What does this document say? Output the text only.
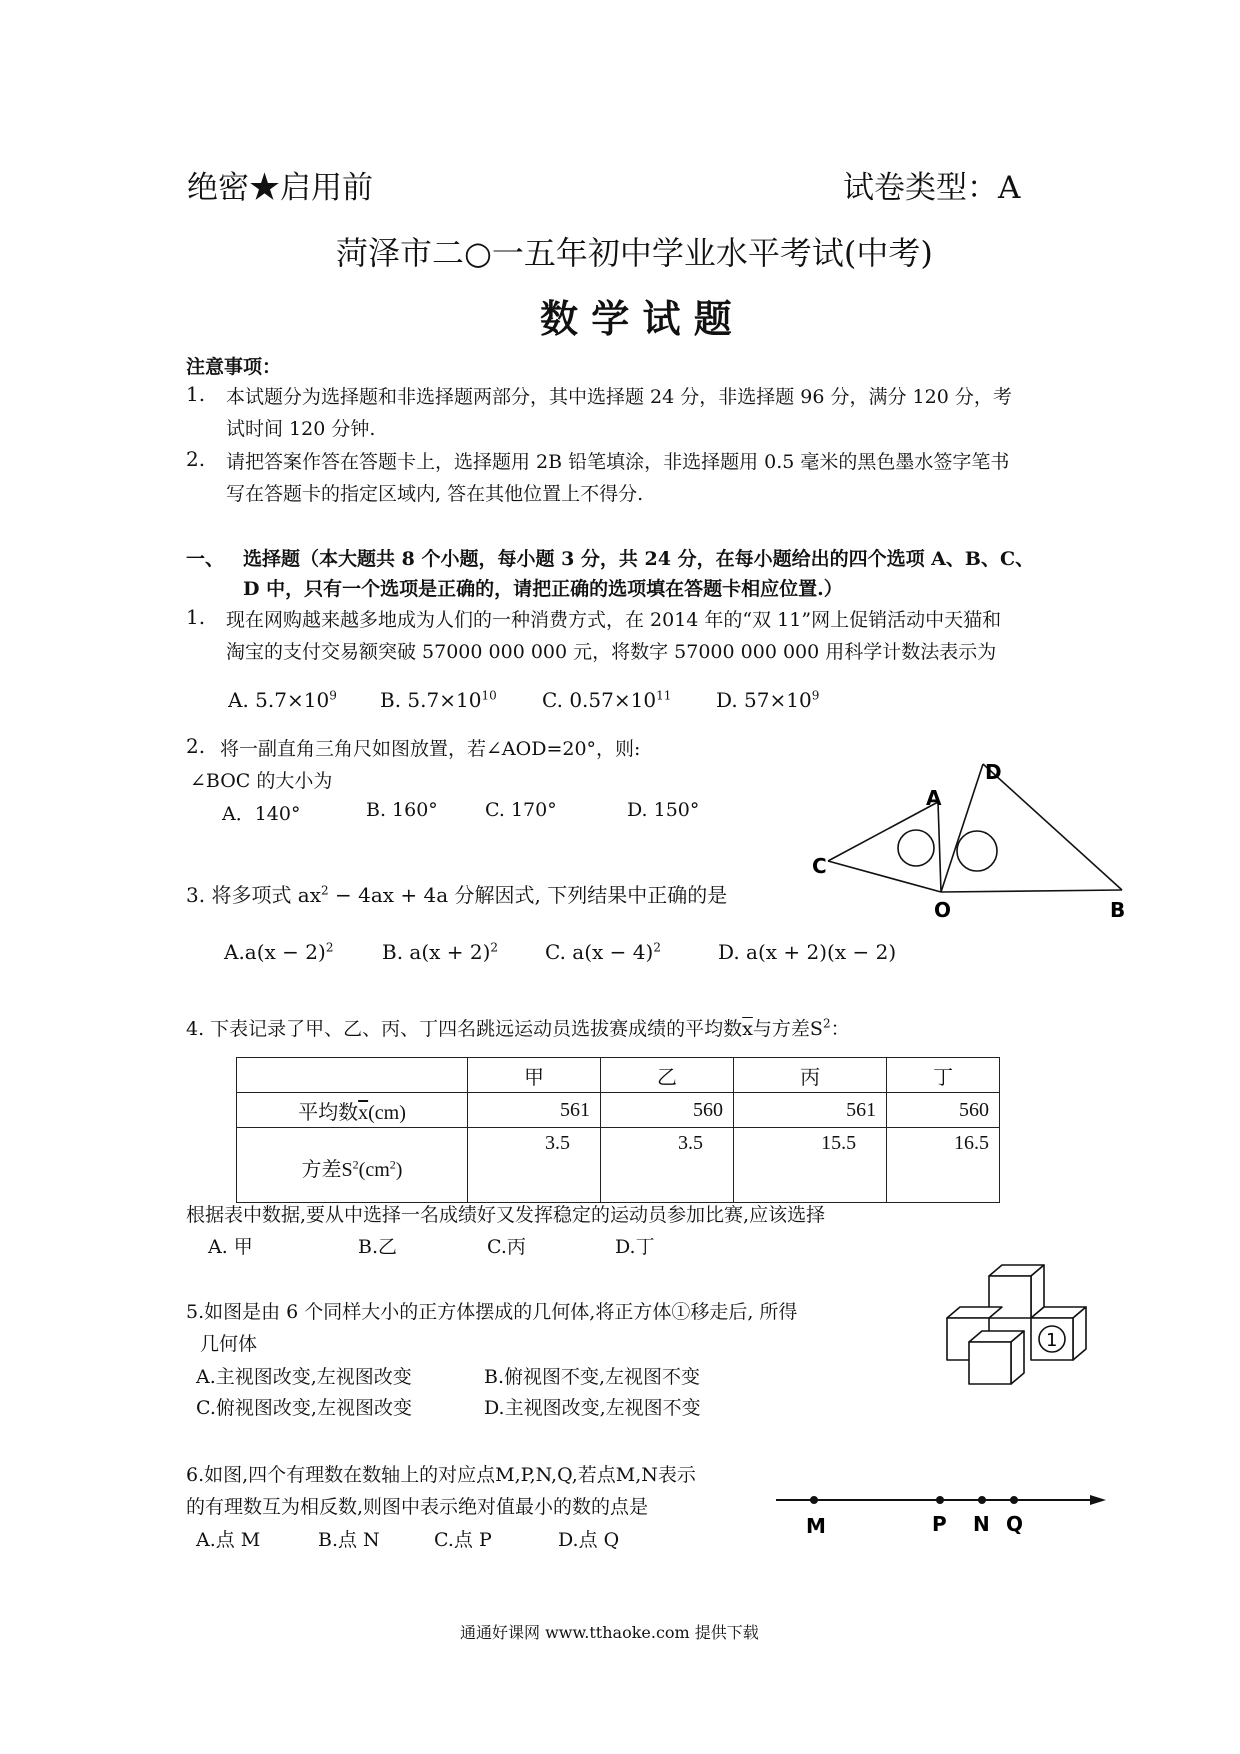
绝密★启用前	试卷类型：A
菏泽市二○一五年初中学业水平考试(中考)
数 学 试 题
注意事项：
1. 本试题分为选择题和非选择题两部分，其中选择题 24 分，非选择题 96 分，满分 120 分，考
试时间 120 分钟.
2. 请把答案作答在答题卡上，选择题用 2B 铅笔填涂，非选择题用 0.5 毫米的黑色墨水签字笔书
写在答题卡的指定区域内, 答在其他位置上不得分.
一、 选择题（本大题共 8 个小题，每小题 3 分，共 24 分，在每小题给出的四个选项 A、B、C、
D 中，只有一个选项是正确的，请把正确的选项填在答题卡相应位置.）
1. 现在网购越来越多地成为人们的一种消费方式，在 2014 年的“双 11”网上促销活动中天猫和
淘宝的支付交易额突破 57000 000 000 元，将数字 57000 000 000 用科学计数法表示为
A. $5.7\times 10^9$ B. $5.7\times 10^{10}$ C. $0.57\times 10^{11}$ D. $57\times 10^9$
2. 将一副直角三角尺如图放置，若∠AOD=20°，则:
∠BOC 的大小为
A．140°	B. 160° C. 170°	D. 150°
D
A
C
O	B
3. 将多项式 $ax^2 - 4ax + 4a$ 分解因式, 下列结果中正确的是
$A.a(x - 2)^2$ B. $a(x + 2)^2$ C. $a(x - 4)^2$	D. a(x + 2)(x − 2)
4. 下表记录了甲、乙、丙、丁四名跳远运动员选拔赛成绩的平均数$\overline{x}$与方差$S^2$：
	甲	乙	丙	丁
平均数$\overline{x}(cm)$	561	560	561	560
方差$S^2(cm^2)$	3.5	3.5	15.5	16.5
根据表中数据,要从中选择一名成绩好又发挥稳定的运动员参加比赛,应该选择
A. 甲	B.乙	C.丙	D.丁
5.如图是由 6 个同样大小的正方体摆成的几何体,将正方体①移走后, 所得
几何体
A.主视图改变,左视图改变	B.俯视图不变,左视图不变
C.俯视图改变,左视图改变	D.主视图改变,左视图不变
1
6.如图,四个有理数在数轴上的对应点M,P,N,Q,若点M,N表示
的有理数互为相反数,则图中表示绝对值最小的数的点是
A.点 M	B.点 N	C.点 P	D.点 Q
M	P N Q
通通好课网 www.tthaoke.com 提供下载
